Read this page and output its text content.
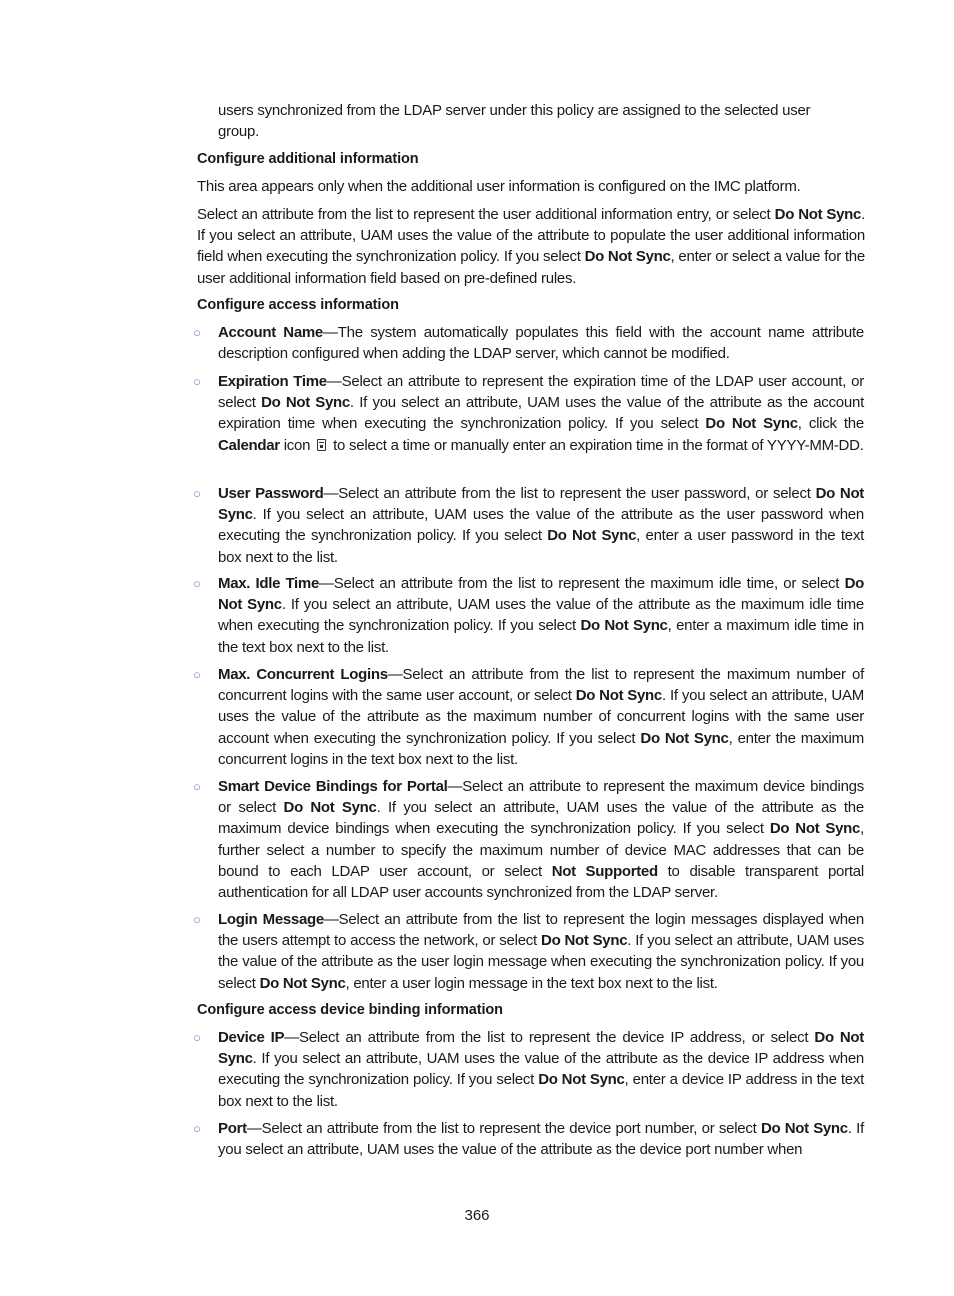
users synchronized from the LDAP server under this policy are assigned to the selected user
group.
Configure additional information
This area appears only when the additional user information is configured on the IMC platform.
Select an attribute from the list to represent the user additional information entry, or select Do Not Sync. If you select an attribute, UAM uses the value of the attribute to populate the user additional information field when executing the synchronization policy. If you select Do Not Sync, enter or select a value for the user additional information field based on pre-defined rules.
Configure access information
○ Account Name—The system automatically populates this field with the account name attribute description configured when adding the LDAP server, which cannot be modified.
○ Expiration Time—Select an attribute to represent the expiration time of the LDAP user account, or select Do Not Sync. If you select an attribute, UAM uses the value of the attribute as the account expiration time when executing the synchronization policy. If you select Do Not Sync, click the Calendar icon  to select a time or manually enter an expiration time in the format of YYYY-MM-DD.
○ User Password—Select an attribute from the list to represent the user password, or select Do Not Sync. If you select an attribute, UAM uses the value of the attribute as the user password when executing the synchronization policy. If you select Do Not Sync, enter a user password in the text box next to the list.
○ Max. Idle Time—Select an attribute from the list to represent the maximum idle time, or select Do Not Sync. If you select an attribute, UAM uses the value of the attribute as the maximum idle time when executing the synchronization policy. If you select Do Not Sync, enter a maximum idle time in the text box next to the list.
○ Max. Concurrent Logins—Select an attribute from the list to represent the maximum number of concurrent logins with the same user account, or select Do Not Sync. If you select an attribute, UAM uses the value of the attribute as the maximum number of concurrent logins with the same user account when executing the synchronization policy. If you select Do Not Sync, enter the maximum concurrent logins in the text box next to the list.
○ Smart Device Bindings for Portal—Select an attribute to represent the maximum device bindings or select Do Not Sync. If you select an attribute, UAM uses the value of the attribute as the maximum device bindings when executing the synchronization policy. If you select Do Not Sync, further select a number to specify the maximum number of device MAC addresses that can be bound to each LDAP user account, or select Not Supported to disable transparent portal authentication for all LDAP user accounts synchronized from the LDAP server.
○ Login Message—Select an attribute from the list to represent the login messages displayed when the users attempt to access the network, or select Do Not Sync. If you select an attribute, UAM uses the value of the attribute as the user login message when executing the synchronization policy. If you select Do Not Sync, enter a user login message in the text box next to the list.
Configure access device binding information
○ Device IP—Select an attribute from the list to represent the device IP address, or select Do Not Sync. If you select an attribute, UAM uses the value of the attribute as the device IP address when executing the synchronization policy. If you select Do Not Sync, enter a device IP address in the text box next to the list.
○ Port—Select an attribute from the list to represent the device port number, or select Do Not Sync. If you select an attribute, UAM uses the value of the attribute as the device port number when
366
